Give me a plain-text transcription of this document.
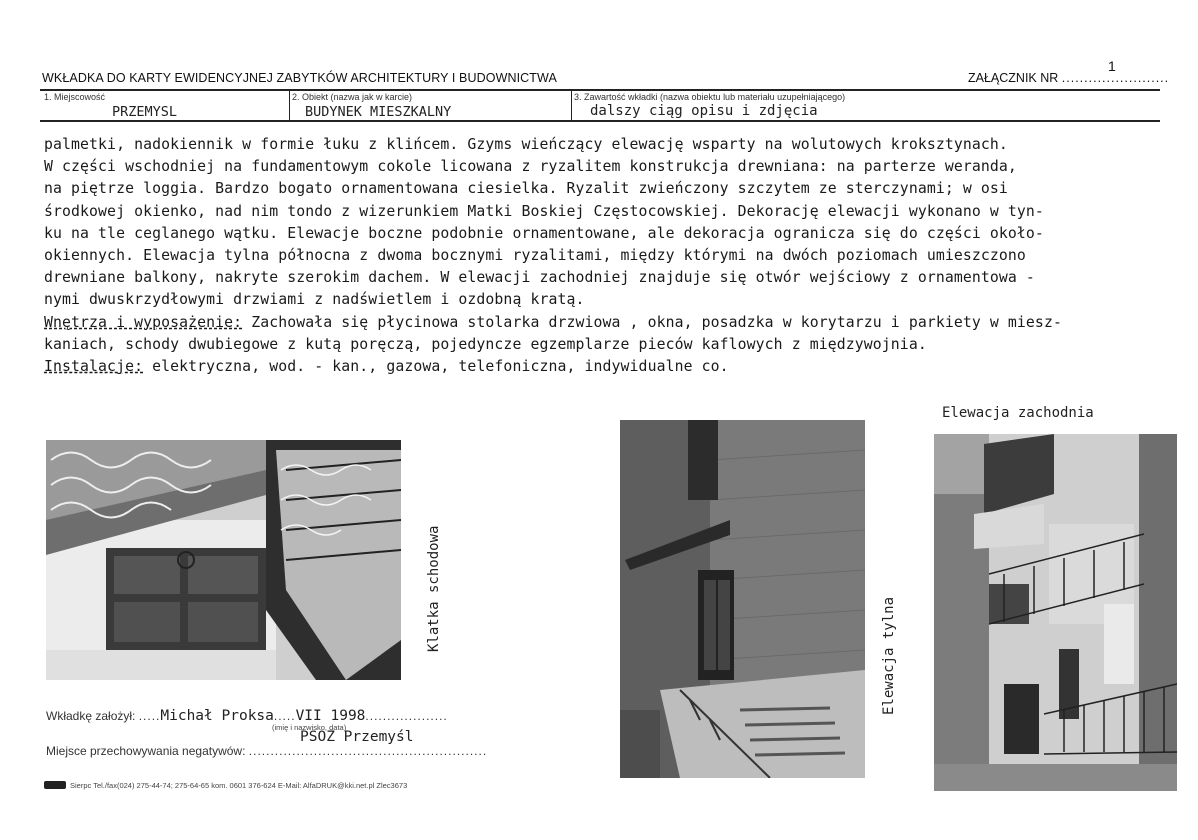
1
WKŁADKA DO KARTY EWIDENCYJNEJ ZABYTKÓW ARCHITEKTURY I BUDOWNICTWA	ZAŁĄCZNIK NR ........................
1. Miejscowość
PRZEMYSL
2. Obiekt (nazwa jak w karcie)
BUDYNEK MIESZKALNY
3. Zawartość wkładki (nazwa obiektu lub materiału uzupełniającego)
dalszy ciąg opisu i zdjęcia

palmetki, nadokiennik w formie łuku z klińcem. Gzyms wieńczący elewację wsparty na wolutowych kroksztynach.

W części wschodniej na fundamentowym cokole licowana z ryzalitem konstrukcja drewniana: na parterze weranda,

na piętrze loggia. Bardzo bogato ornamentowana ciesielka. Ryzalit zwieńczony szczytem ze sterczynami; w osi

środkowej okienko, nad nim tondo z wizerunkiem Matki Boskiej Częstocowskiej. Dekorację elewacji wykonano w tyn-

ku na tle ceglanego wątku. Elewacje boczne podobnie ornamentowane, ale dekoracja ogranicza się do części około-

okiennych. Elewacja tylna północna z dwoma bocznymi ryzalitami, między którymi na dwóch poziomach umieszczono

drewniane balkony, nakryte szerokim dachem. W elewacji zachodniej znajduje się otwór wejściowy z ornamentowa -

nymi dwuskrzydłowymi drzwiami z nadświetlem i ozdobną kratą.

Wnętrza i wyposażenie: Zachowała się płycinowa stolarka drzwiowa , okna, posadzka w korytarzu i parkiety w miesz-

kaniach, schody dwubiegowe z kutą poręczą, pojedyncze egzemplarze pieców kaflowych z międzywojnia.

Instalacje: elektryczna, wod. - kan., gazowa, telefoniczna, indywidualne co.

Klatka schodowa
Elewacja tylna
Elewacja zachodnia
Wkładkę założył: .....Michał Proksa.....VII 1998...................
(imię i nazwisko, data)
PSOZ Przemyśl
Miejsce przechowywania negatywów: .......................................................
Sierpc Tel./fax(024) 275-44-74; 275-64-65 kom. 0601 376-624 E-Mail: AlfaDRUK@kki.net.pl Zlec3673
